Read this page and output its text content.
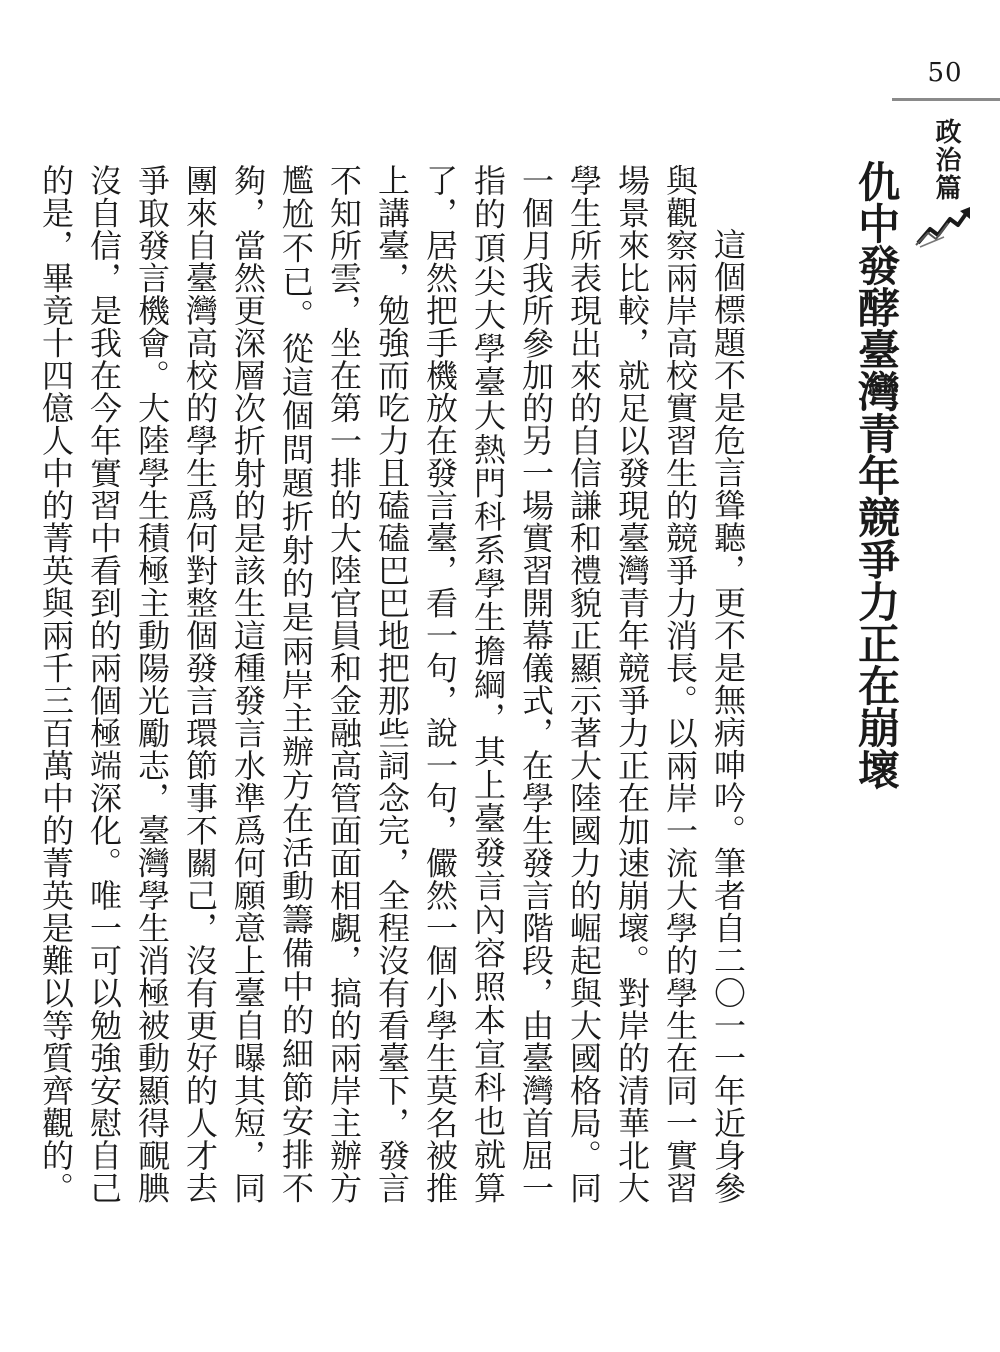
50
政治篇
仇中發酵臺灣青年競爭力正在崩壞

這個標題不是危言聳聽，更不是無病呻吟。筆者自二〇一一年近身參與觀察兩岸高校實習生的競爭力消長。以兩岸一流大學的學生在同一實習場景來比較，就足以發現臺灣青年競爭力正在加速崩壞。對岸的清華北大學生所表現出來的自信謙和禮貌正顯示著大陸國力的崛起與大國格局。同一個月我所參加的另一場實習開幕儀式，在學生發言階段，由臺灣首屈一指的頂尖大學臺大熱門科系學生擔綱，其上臺發言內容照本宣科也就算了，居然把手機放在發言臺，看一句，說一句，儼然一個小學生莫名被推上講臺，勉強而吃力且磕磕巴巴地把那些詞念完，全程沒有看臺下，發言不知所雲，坐在第一排的大陸官員和金融高管面面相覷，搞的兩岸主辦方尷尬不已。從這個問題折射的是兩岸主辦方在活動籌備中的細節安排不夠，當然更深層次折射的是該生這種發言水準爲何願意上臺自曝其短，同團來自臺灣高校的學生爲何對整個發言環節事不關己，沒有更好的人才去爭取發言機會。大陸學生積極主動陽光勵志，臺灣學生消極被動顯得靦腆沒自信，是我在今年實習中看到的兩個極端深化。唯一可以勉強安慰自己的是，畢竟十四億人中的菁英與兩千三百萬中的菁英是難以等質齊觀的。
